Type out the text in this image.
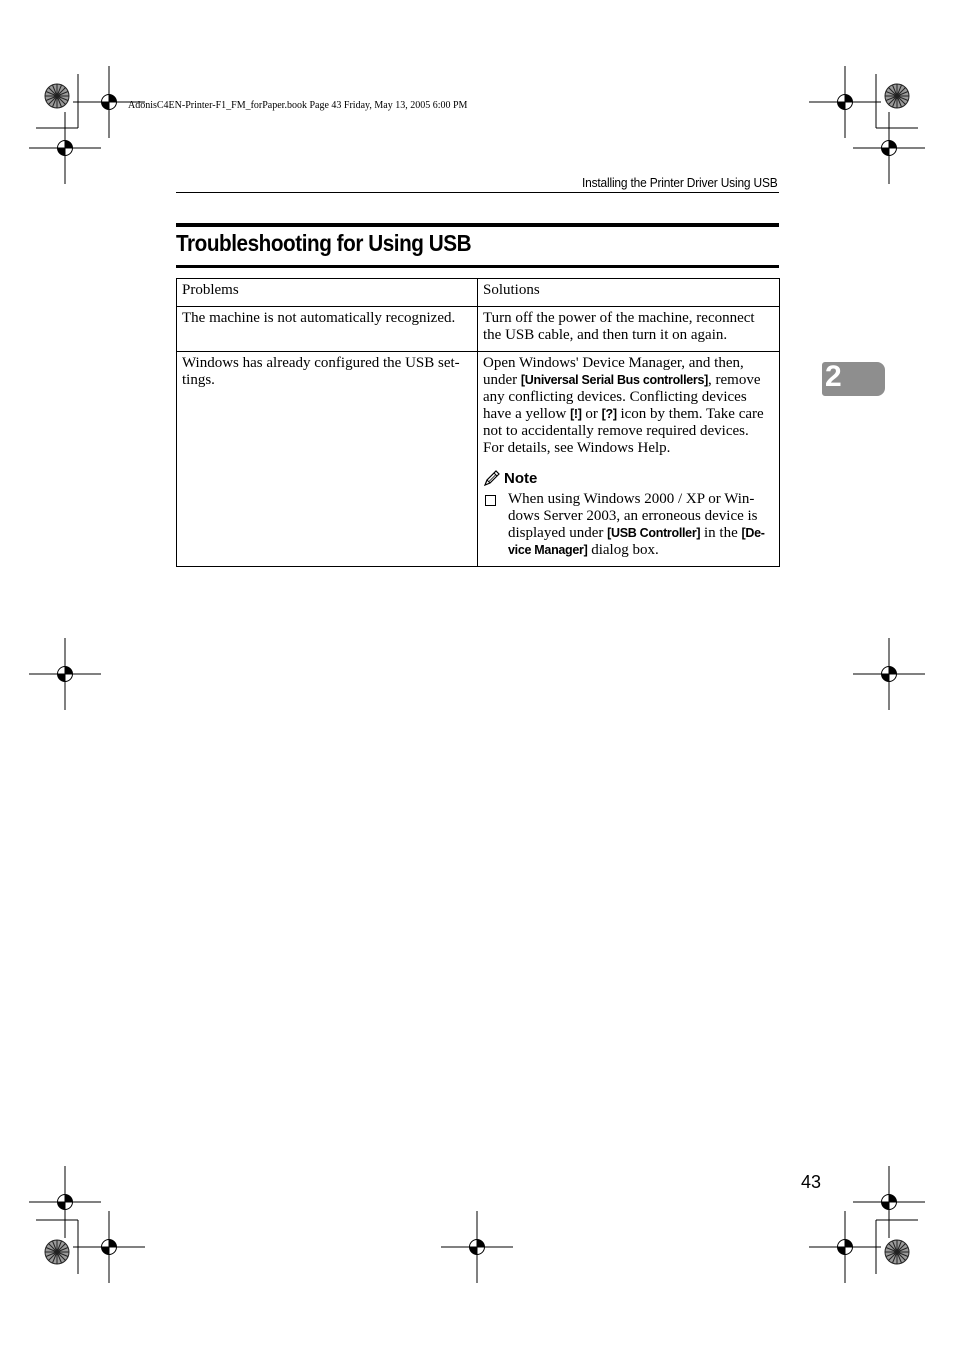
AdonisC4EN-Printer-F1_FM_forPaper.book Page 43 Friday, May 13, 2005 6:00 PM
Installing the Printer Driver Using USB
Troubleshooting for Using USB
2
Problems	Solutions
The machine is not automatically recognized.	Turn off the power of the machine, reconnect the USB cable, and then turn it on again.
Windows has already configured the USB set-tings.	Open Windows' Device Manager, and then, under [Universal Serial Bus controllers], remove any conflicting devices. Conflicting devices have a yellow [!] or [?] icon by them. Take care not to accidentally remove required devices. For details, see Windows Help.
Note
When using Windows 2000 / XP or Win-dows Server 2003, an erroneous device is displayed under [USB Controller] in the [De-vice Manager] dialog box.
43
